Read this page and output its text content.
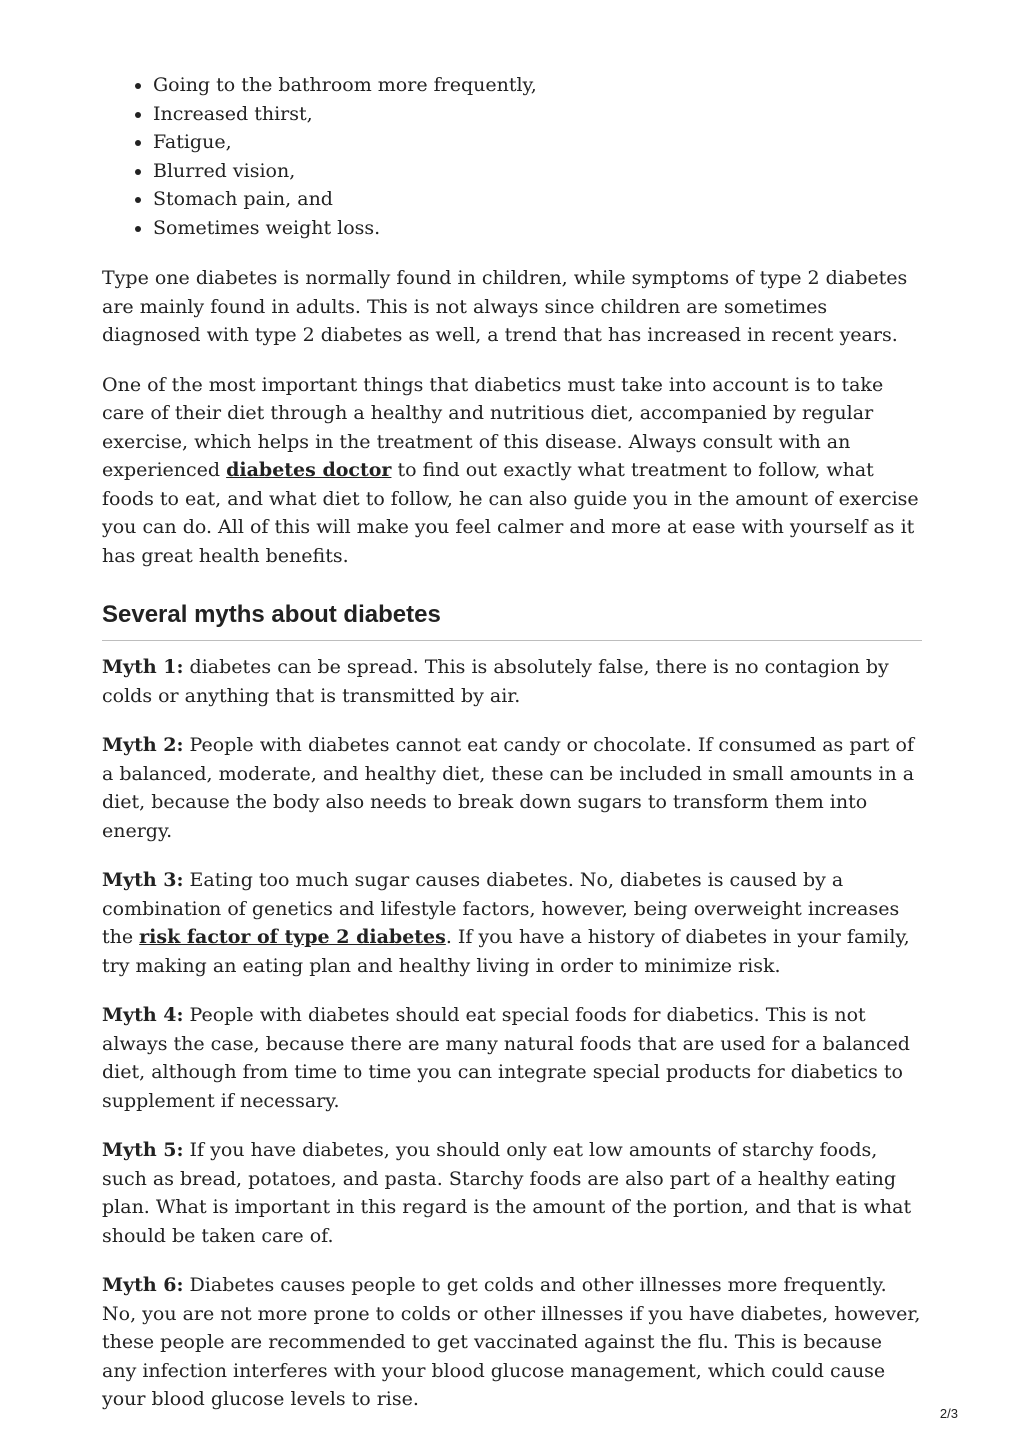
• Going to the bathroom more frequently,
• Increased thirst,
• Fatigue,
• Blurred vision,
• Stomach pain, and
• Sometimes weight loss.

Type one diabetes is normally found in children, while symptoms of type 2 diabetes are mainly found in adults. This is not always since children are sometimes diagnosed with type 2 diabetes as well, a trend that has increased in recent years.

One of the most important things that diabetics must take into account is to take care of their diet through a healthy and nutritious diet, accompanied by regular exercise, which helps in the treatment of this disease. Always consult with an experienced diabetes doctor to find out exactly what treatment to follow, what foods to eat, and what diet to follow, he can also guide you in the amount of exercise you can do. All of this will make you feel calmer and more at ease with yourself as it has great health benefits.

Several myths about diabetes

Myth 1: diabetes can be spread. This is absolutely false, there is no contagion by colds or anything that is transmitted by air.

Myth 2: People with diabetes cannot eat candy or chocolate. If consumed as part of a balanced, moderate, and healthy diet, these can be included in small amounts in a diet, because the body also needs to break down sugars to transform them into energy.

Myth 3: Eating too much sugar causes diabetes. No, diabetes is caused by a combination of genetics and lifestyle factors, however, being overweight increases the risk factor of type 2 diabetes. If you have a history of diabetes in your family, try making an eating plan and healthy living in order to minimize risk.

Myth 4: People with diabetes should eat special foods for diabetics. This is not always the case, because there are many natural foods that are used for a balanced diet, although from time to time you can integrate special products for diabetics to supplement if necessary.

Myth 5: If you have diabetes, you should only eat low amounts of starchy foods, such as bread, potatoes, and pasta. Starchy foods are also part of a healthy eating plan. What is important in this regard is the amount of the portion, and that is what should be taken care of.

Myth 6: Diabetes causes people to get colds and other illnesses more frequently. No, you are not more prone to colds or other illnesses if you have diabetes, however, these people are recommended to get vaccinated against the flu. This is because any infection interferes with your blood glucose management, which could cause your blood glucose levels to rise.

2/3
